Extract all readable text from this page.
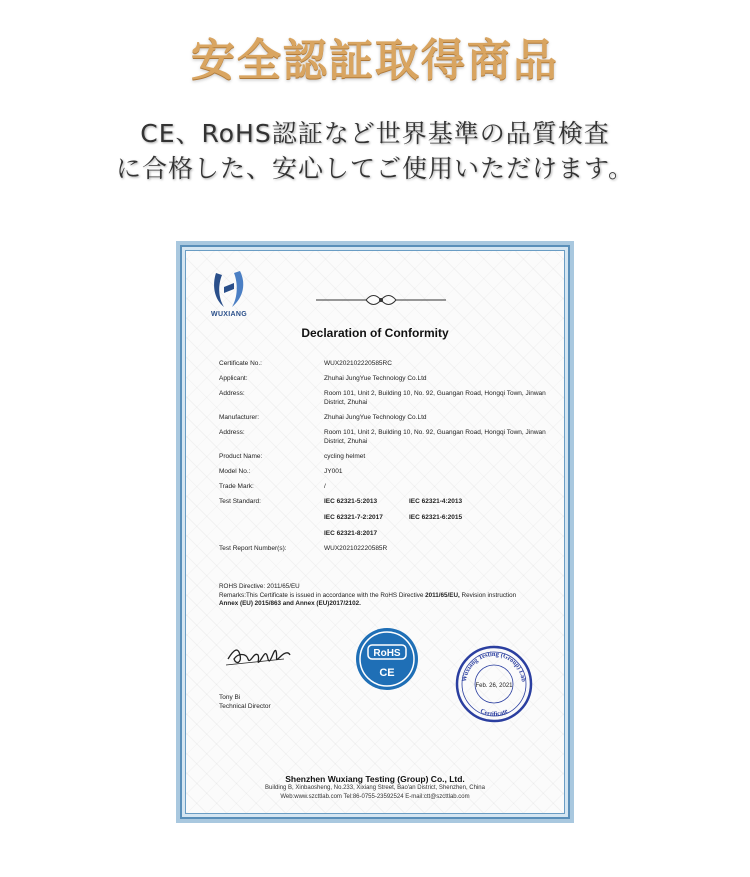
安全認証取得商品
CE、RoHS認証など世界基準の品質検査
に合格した、安心してご使用いただけます。
WUXIANG
Declaration of Conformity
Certificate No.:	WUX202102220585RC
Applicant:	Zhuhai JungYue Technology Co.Ltd
Address:	Room 101, Unit 2, Building 10, No. 92, Guangan Road, Hongqi Town, Jinwan District, Zhuhai
Manufacturer:	Zhuhai JungYue Technology Co.Ltd
Address:	Room 101, Unit 2, Building 10, No. 92, Guangan Road, Hongqi Town, Jinwan District, Zhuhai
Product Name:	cycling helmet
Model No.:	JY001
Trade Mark:	/
Test Standard:	IEC 62321-5:2013	IEC 62321-4:2013
IEC 62321-7-2:2017	IEC 62321-6:2015
IEC 62321-8:2017
Test Report Number(s):	WUX202102220585R
ROHS Directive: 2011/65/EU
Remarks:This Certificate is issued in accordance with the RoHS Directive 2011/65/EU, Revision instruction
Annex (EU) 2015/863 and Annex (EU)2017/2102.
Tony Bi
Technical Director
RoHS
CE	Wuxiang Testing (Group) Lab
Certificate
Feb. 26, 2021
Shenzhen Wuxiang Testing (Group) Co., Ltd.
Building B, Xinbaosheng, No.233, Xixiang Street, Bao'an District, Shenzhen, China
Web:www.szcttlab.com Tel:86-0755-23592524 E-mail:ctt@szcttlab.com
